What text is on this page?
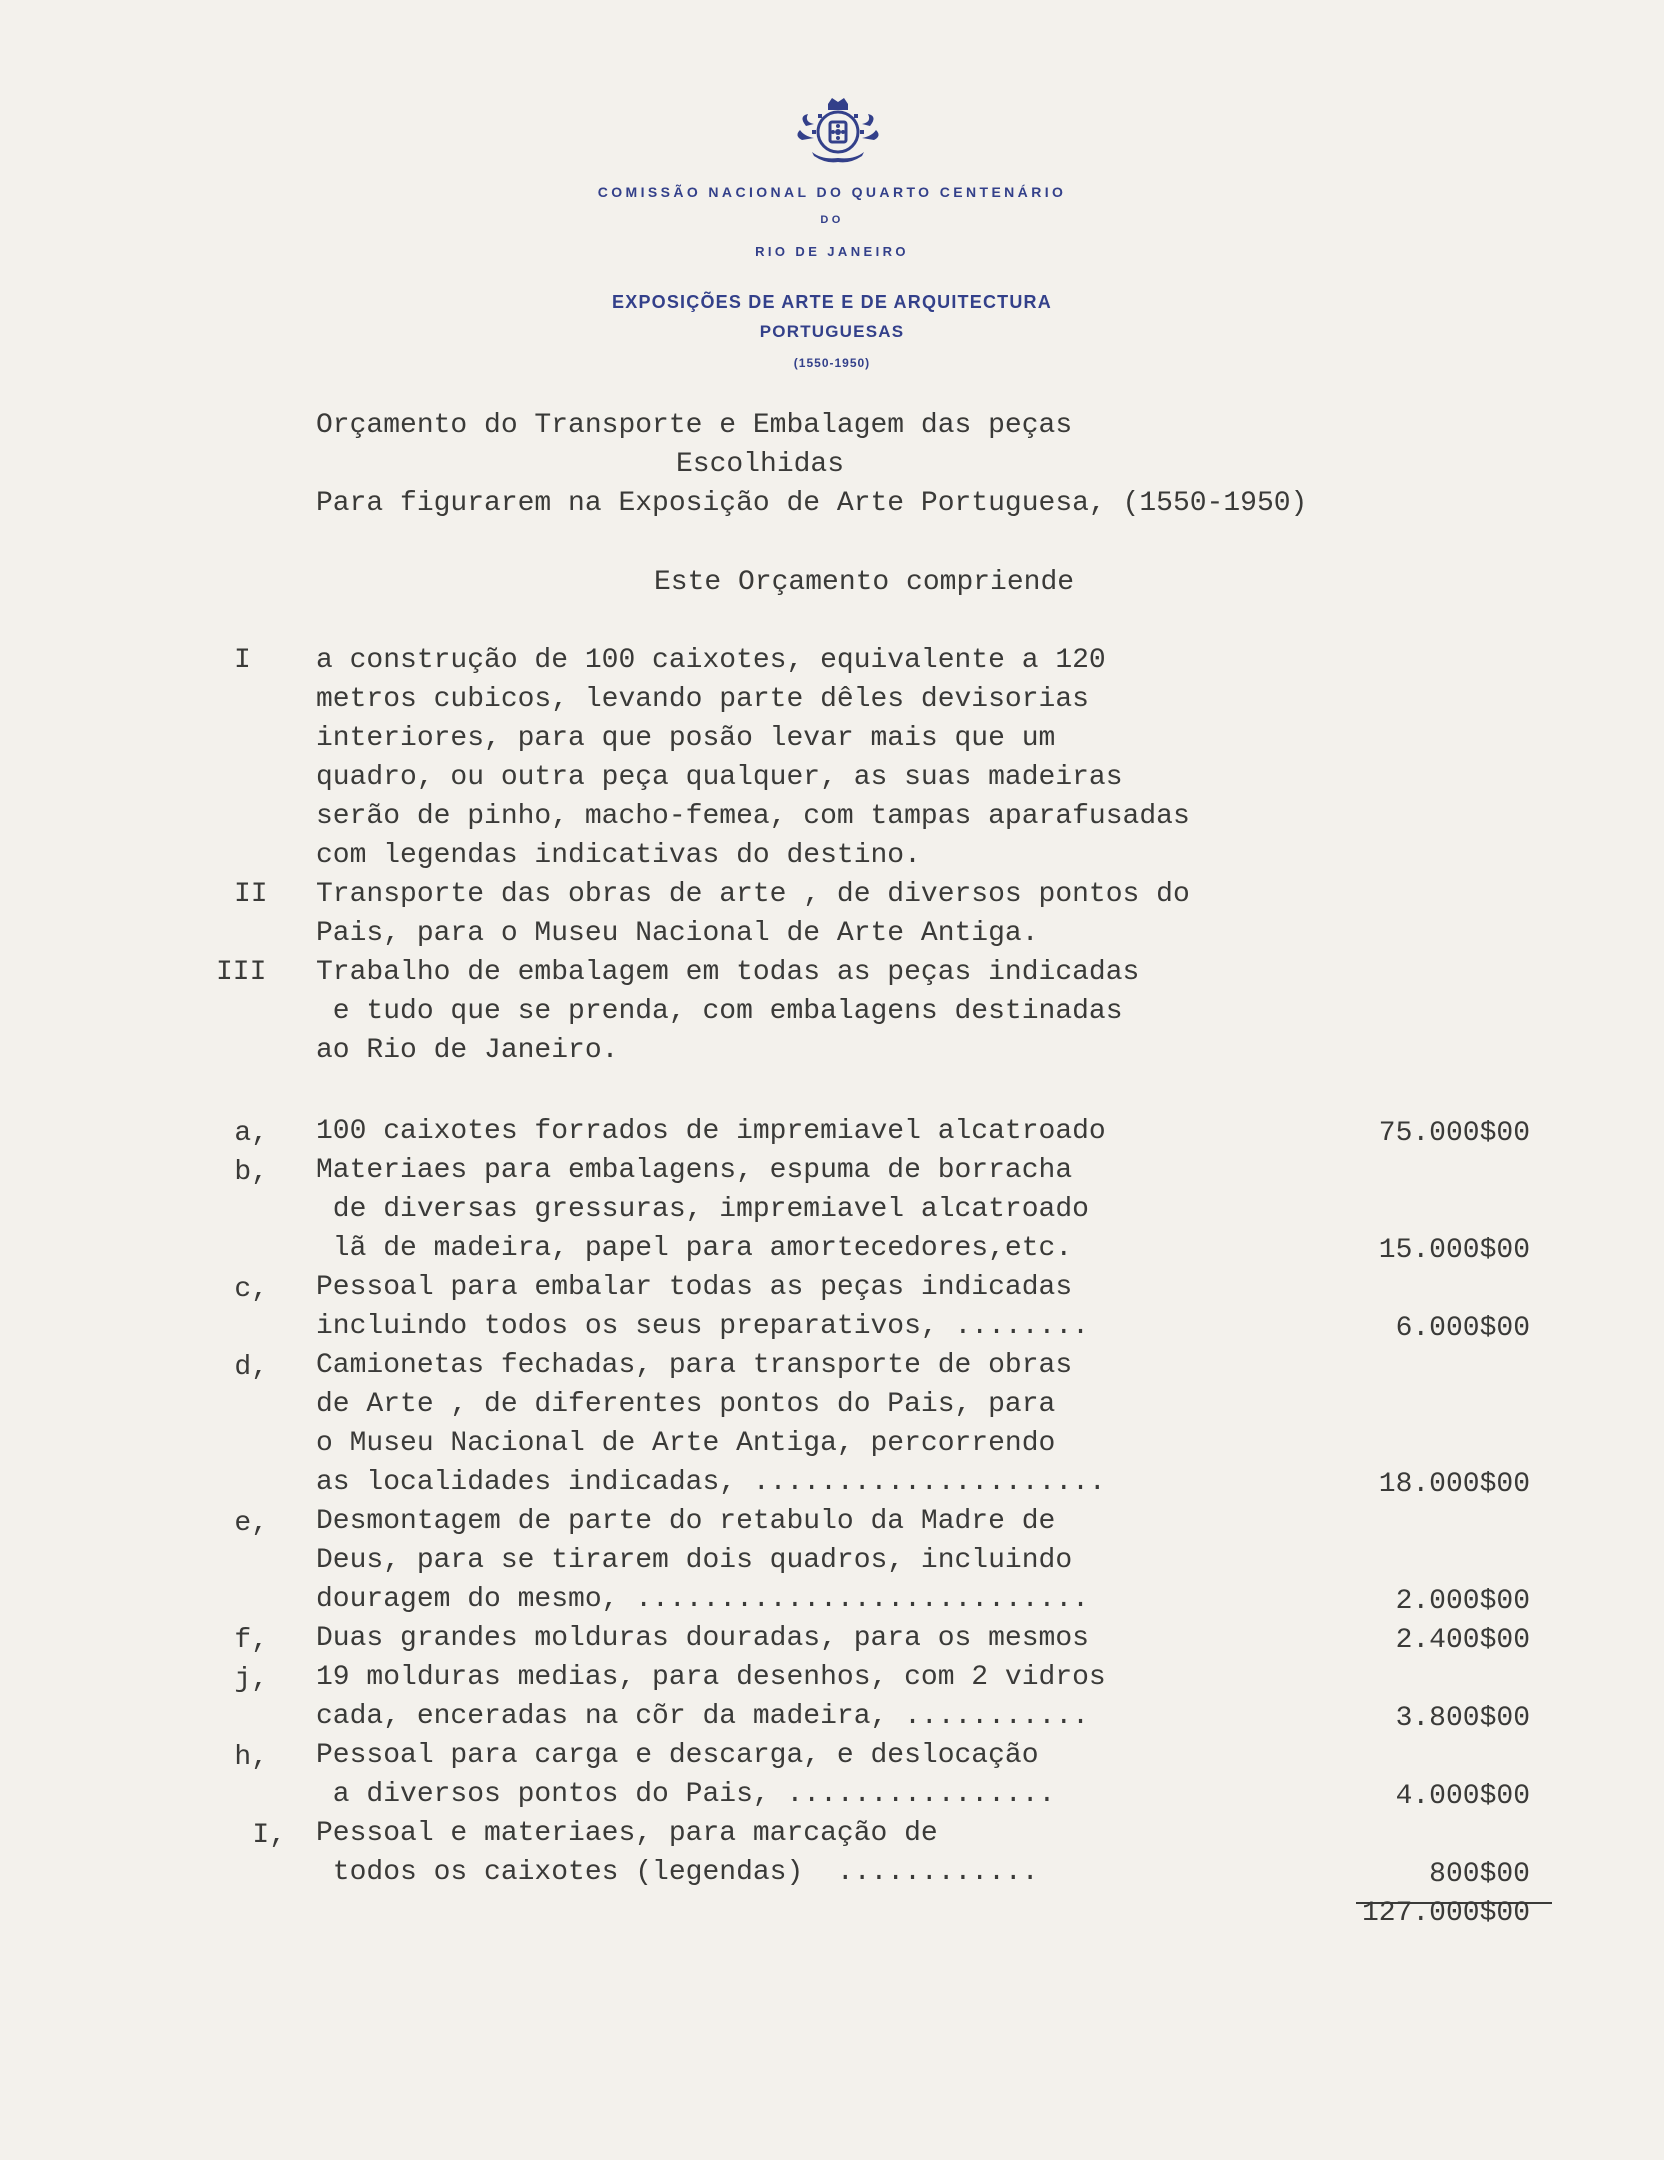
COMISSÃO NACIONAL DO QUARTO CENTENÁRIO

DO

RIO DE JANEIRO

EXPOSIÇÕES DE ARTE E DE ARQUITECTURA

PORTUGUESAS

(1550-1950)

Orçamento do Transporte e Embalagem das peças

Escolhidas

Para figurarem na Exposição de Arte Portuguesa, (1550-1950)

Este Orçamento compriende

I a construção de 100 caixotes, equivalente a 120

metros cubicos, levando parte dêles devisorias

interiores, para que posão levar mais que um

quadro, ou outra peça qualquer, as suas madeiras

serão de pinho, macho-femea, com tampas aparafusadas

com legendas indicativas do destino.

II Transporte das obras de arte , de diversos pontos do

Pais, para o Museu Nacional de Arte Antiga.

III Trabalho de embalagem em todas as peças indicadas

e tudo que se prenda, com embalagens destinadas

ao Rio de Janeiro.

a, 100 caixotes forrados de impremiavel alcatroado	75.000$00

b, Materiaes para embalagens, espuma de borracha

de diversas gressuras, impremiavel alcatroado

lã de madeira, papel para amortecedores,etc.	15.000$00

c, Pessoal para embalar todas as peças indicadas

incluindo todos os seus preparativos, ........	6.000$00

d, Camionetas fechadas, para transporte de obras

de Arte , de diferentes pontos do Pais, para

o Museu Nacional de Arte Antiga, percorrendo

as localidades indicadas, .....................	18.000$00

e, Desmontagem de parte do retabulo da Madre de

Deus, para se tirarem dois quadros, incluindo

douragem do mesmo, ...........................	2.000$00

f, Duas grandes molduras douradas, para os mesmos	2.400$00

j, 19 molduras medias, para desenhos, com 2 vidros

cada, enceradas na cõr da madeira, ...........	3.800$00

h, Pessoal para carga e descarga, e deslocação

a diversos pontos do Pais, ................	4.000$00

I, Pessoal e materiaes, para marcação de

todos os caixotes (legendas)  ............	800$00

127.000$00
